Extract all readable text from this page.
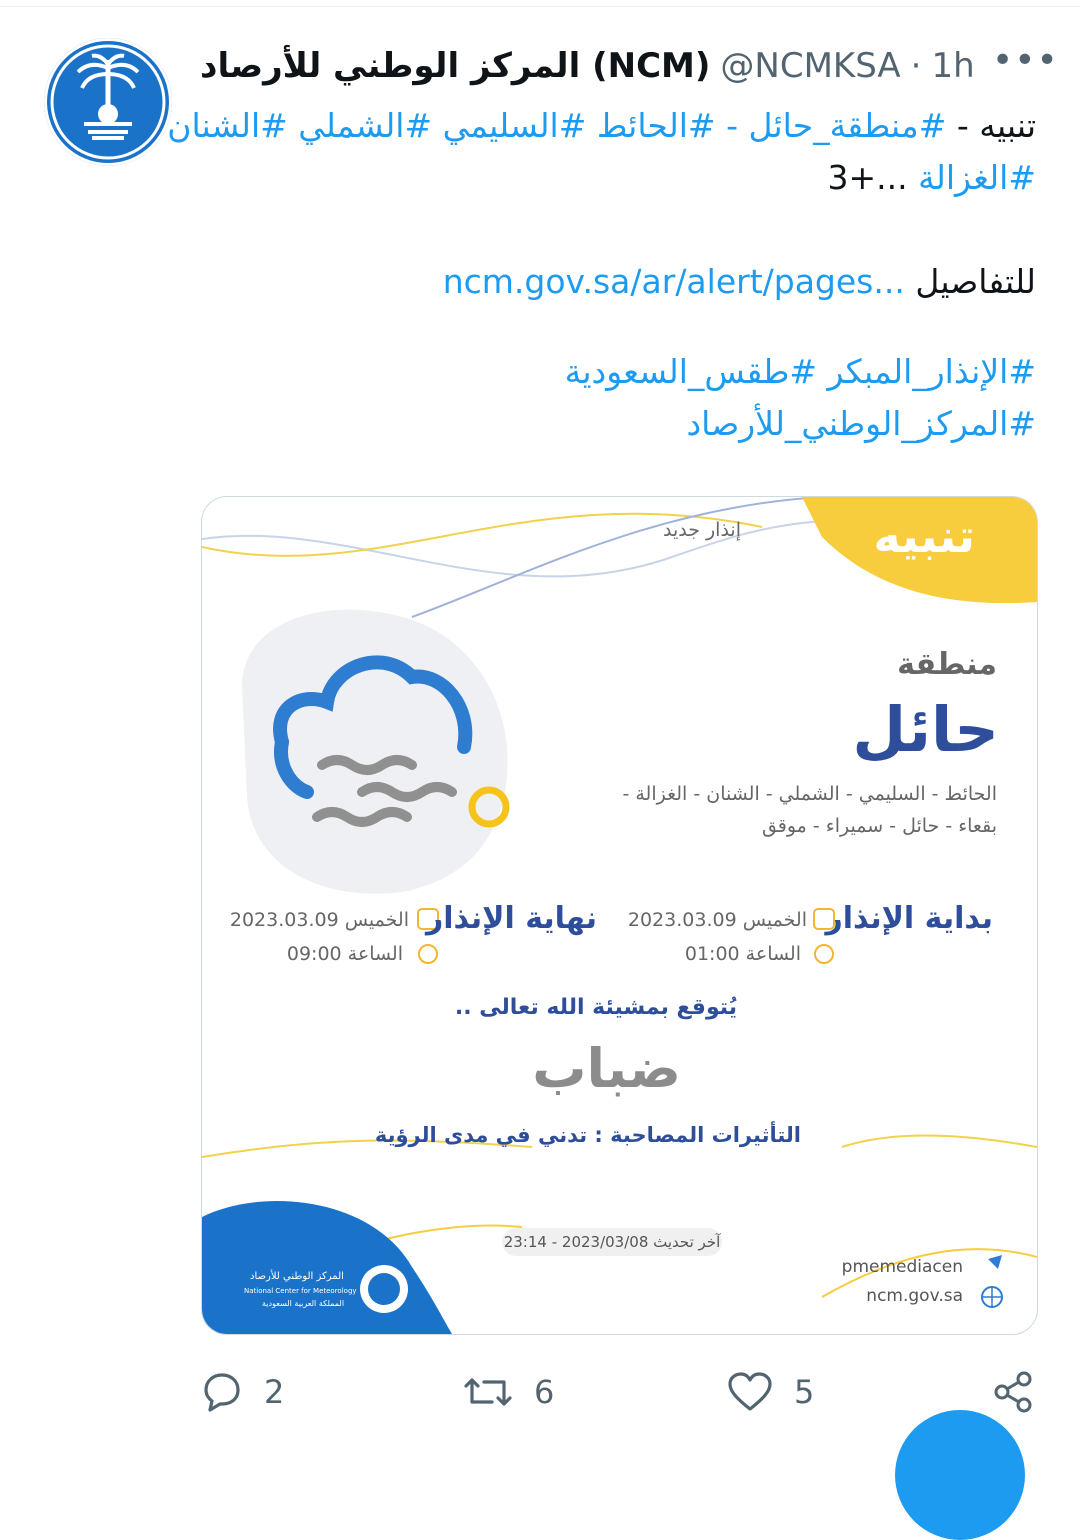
المركز الوطني للأرصاد (NCM) @NCMKSA · 1h •••
تنبيه - #منطقة_حائل - #الحائط #السليمي #الشملي #الشنان
#الغزالة ...+3
للتفاصيل ncm.gov.sa/ar/alert/pages...
#الإنذار_المبكر #طقس_السعودية
#المركز_الوطني_للأرصاد
تنبيه
إنذار جديد
منطقة
حائل
الحائط - السليمي - الشملي - الشنان - الغزالة -
بقعاء - حائل - سميراء - موقق
بداية الإنذار
الخميس 2023.03.09
الساعة 01:00
نهاية الإنذار
الخميس 2023.03.09
الساعة 09:00
يُتوقع بمشيئة الله تعالى ..
ضباب
التأثيرات المصاحبة : تدني في مدى الرؤية
آخر تحديث 2023/03/08 - 23:14
pmemediacen
ncm.gov.sa
المركز الوطني للأرصاد
National Center for Meteorology
المملكة العربية السعودية
2	6	5
